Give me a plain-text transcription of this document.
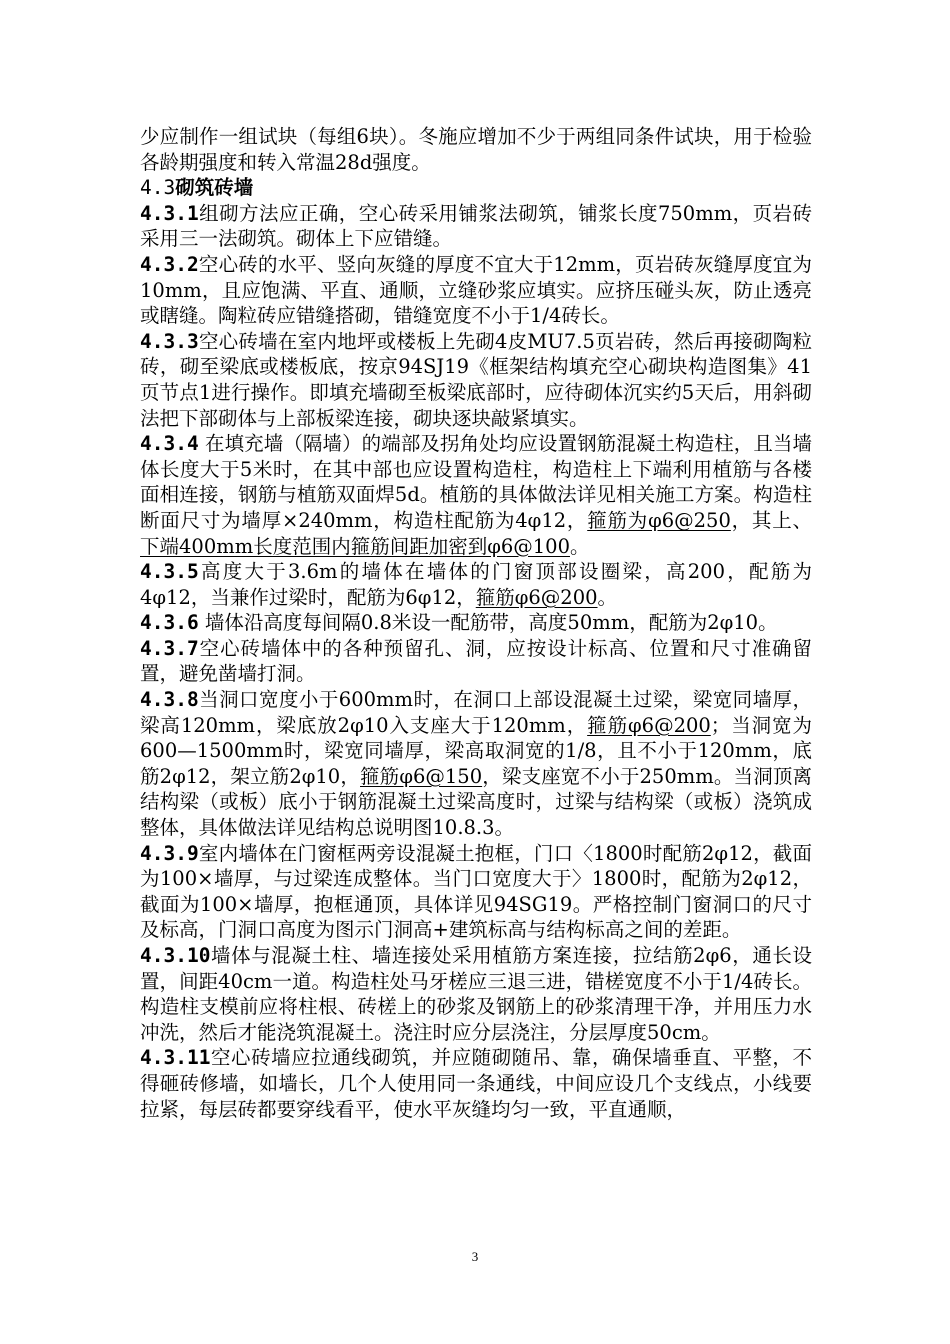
少应制作一组试块（每组6块）。冬施应增加不少于两组同条件试块，用于检验各龄期强度和转入常温28d强度。

4.3砌筑砖墙

4.3.1组砌方法应正确，空心砖采用铺浆法砌筑，铺浆长度750mm，页岩砖采用三一法砌筑。砌体上下应错缝。

4.3.2空心砖的水平、竖向灰缝的厚度不宜大于12mm，页岩砖灰缝厚度宜为10mm，且应饱满、平直、通顺，立缝砂浆应填实。应挤压碰头灰，防止透亮或瞎缝。陶粒砖应错缝搭砌，错缝宽度不小于1/4砖长。

4.3.3空心砖墙在室内地坪或楼板上先砌4皮MU7.5页岩砖，然后再接砌陶粒砖，砌至梁底或楼板底，按京94SJ19《框架结构填充空心砌块构造图集》41页节点1进行操作。即填充墙砌至板梁底部时，应待砌体沉实约5天后，用斜砌法把下部砌体与上部板梁连接，砌块逐块敲紧填实。

4.3.4 在填充墙（隔墙）的端部及拐角处均应设置钢筋混凝土构造柱，且当墙体长度大于5米时，在其中部也应设置构造柱，构造柱上下端利用植筋与各楼面相连接，钢筋与植筋双面焊5d。植筋的具体做法详见相关施工方案。构造柱断面尺寸为墙厚×240mm，构造柱配筋为4φ12，箍筋为φ6@250，其上、下端400mm长度范围内箍筋间距加密到φ6@100。

4.3.5高度大于3.6m的墙体在墙体的门窗顶部设圈梁，高200，配筋为4φ12，当兼作过梁时，配筋为6φ12，箍筋φ6@200。

4.3.6 墙体沿高度每间隔0.8米设一配筋带，高度50mm，配筋为2φ10。

4.3.7空心砖墙体中的各种预留孔、洞，应按设计标高、位置和尺寸准确留置，避免凿墙打洞。

4.3.8当洞口宽度小于600mm时，在洞口上部设混凝土过梁，梁宽同墙厚，梁高120mm，梁底放2φ10入支座大于120mm，箍筋φ6@200；当洞宽为600—1500mm时，梁宽同墙厚，梁高取洞宽的1/8，且不小于120mm，底筋2φ12，架立筋2φ10，箍筋φ6@150，梁支座宽不小于250mm。当洞顶离结构梁（或板）底小于钢筋混凝土过梁高度时，过梁与结构梁（或板）浇筑成整体，具体做法详见结构总说明图10.8.3。

4.3.9室内墙体在门窗框两旁设混凝土抱框，门口〈1800时配筋2φ12，截面为100×墙厚，与过梁连成整体。当门口宽度大于〉1800时，配筋为2φ12，截面为100×墙厚，抱框通顶，具体详见94SG19。严格控制门窗洞口的尺寸及标高，门洞口高度为图示门洞高+建筑标高与结构标高之间的差距。

4.3.10墙体与混凝土柱、墙连接处采用植筋方案连接，拉结筋2φ6，通长设置，间距40cm一道。构造柱处马牙槎应三退三进，错槎宽度不小于1/4砖长。构造柱支模前应将柱根、砖槎上的砂浆及钢筋上的砂浆清理干净，并用压力水冲洗，然后才能浇筑混凝土。浇注时应分层浇注，分层厚度50cm。

4.3.11空心砖墙应拉通线砌筑，并应随砌随吊、靠，确保墙垂直、平整，不得砸砖修墙，如墙长，几个人使用同一条通线，中间应设几个支线点，小线要拉紧，每层砖都要穿线看平，使水平灰缝均匀一致，平直通顺，

3
